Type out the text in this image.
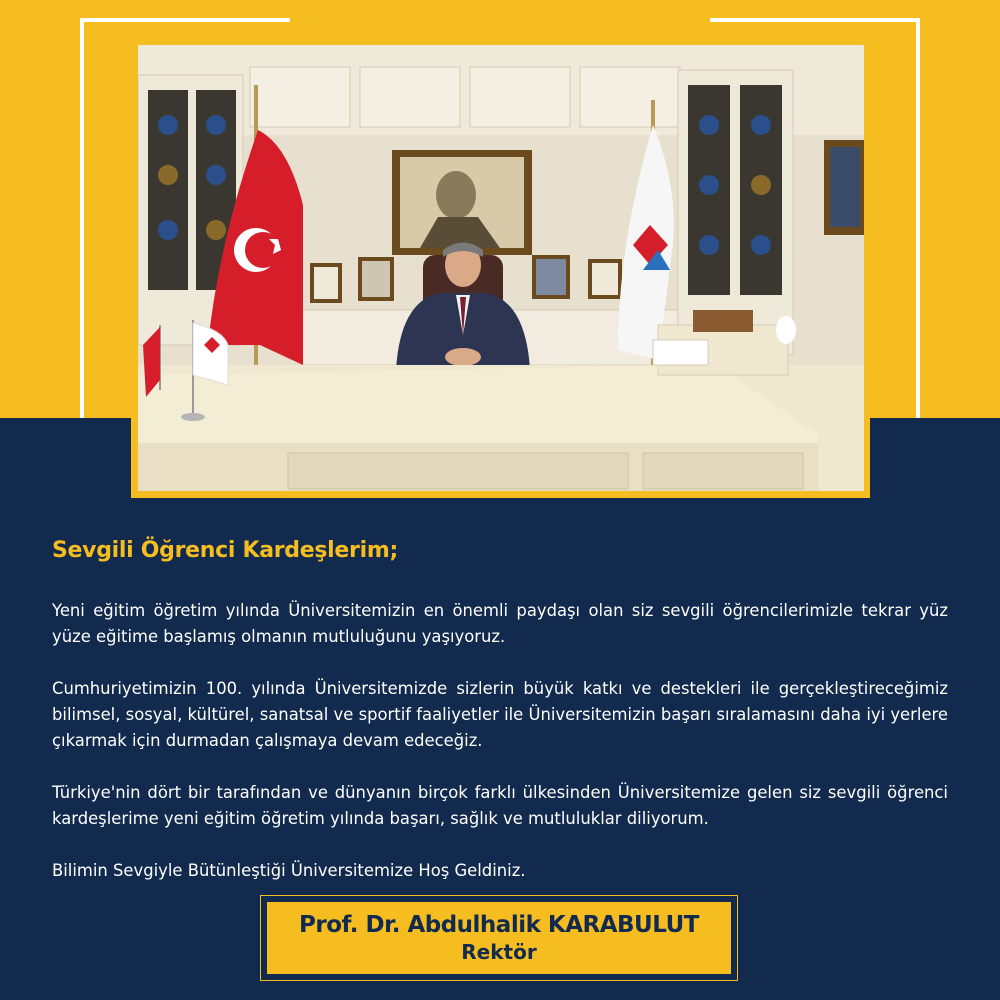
Sevgili Öğrenci Kardeşlerim;

Yeni eğitim öğretim yılında Üniversitemizin en önemli paydaşı olan siz sevgili öğrencilerimizle tekrar yüz yüze eğitime başlamış olmanın mutluluğunu yaşıyoruz.

Cumhuriyetimizin 100. yılında Üniversitemizde sizlerin büyük katkı ve destekleri ile gerçekleştireceğimiz bilimsel, sosyal, kültürel, sanatsal ve sportif faaliyetler ile Üniversitemizin başarı sıralamasını daha iyi yerlere çıkarmak için durmadan çalışmaya devam edeceğiz.

Türkiye'nin dört bir tarafından ve dünyanın birçok farklı ülkesinden Üniversitemize gelen siz sevgili öğrenci kardeşlerime yeni eğitim öğretim yılında başarı, sağlık ve mutluluklar diliyorum.

Bilimin Sevgiyle Bütünleştiği Üniversitemize Hoş Geldiniz.

Prof. Dr. Abdulhalik KARABULUT
Rektör
